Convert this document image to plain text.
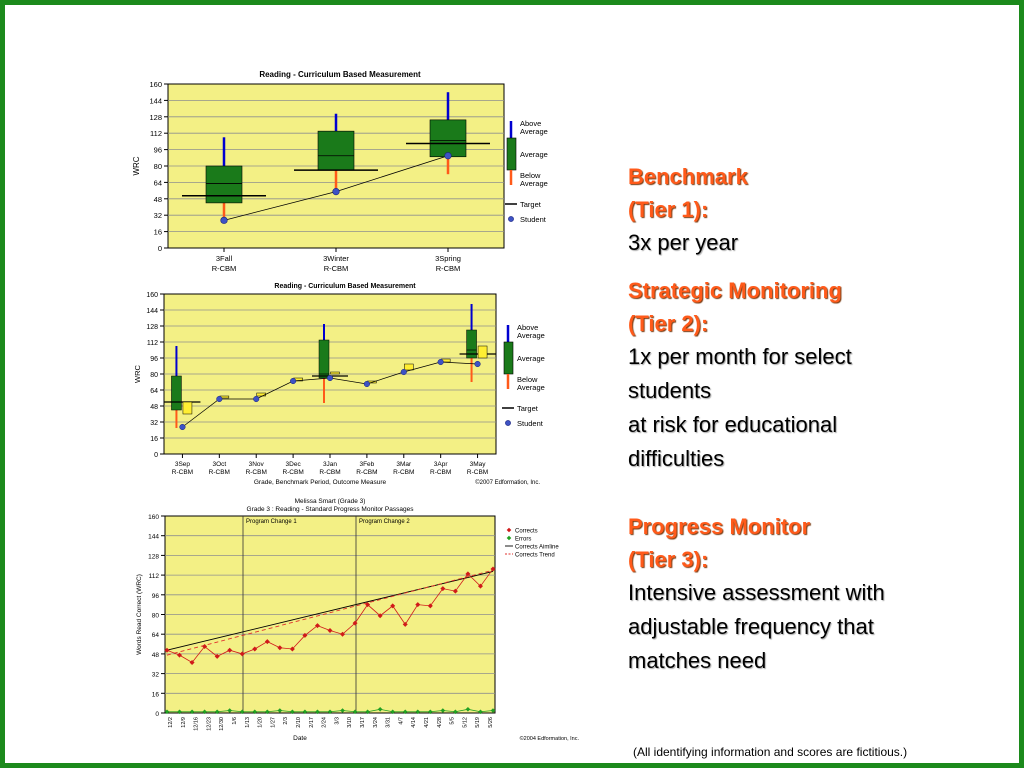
Reading - Curriculum Based Measurement
0
16
32
48
64
80
96
112
128
144
160
WRC
3Fall
R-CBM
3Winter
R-CBM
3Spring
R-CBM
Above
Average
Average
Below
Average
Target
Student
Reading - Curriculum Based Measurement
0
16
32
48
64
80
96
112
128
144
160
WRC
3Sep
R-CBM
3Oct
R-CBM
3Nov
R-CBM
3Dec
R-CBM
3Jan
R-CBM
3Feb
R-CBM
3Mar
R-CBM
3Apr
R-CBM
3May
R-CBM
Grade, Benchmark Period, Outcome Measure	©2007 Edformation, Inc.
Above
Average
Average
Below
Average
Target
Student
Melissa Smart (Grade 3)
Grade 3 : Reading - Standard Progress Monitor Passages
0
16
32
48
64
80
96
112
128
144
160
Words Read Correct (WRC)
12/2 12/9 12/16 12/23 12/30 1/6 1/13 1/20 1/27 2/3 2/10 2/17 2/24 3/3 3/10 3/17 3/24 3/31 4/7 4/14 4/21 4/28 5/5 5/12 5/19 5/26
Date	©2004 Edformation, Inc.
Program Change 1	Program Change 2
Corrects
Errors
Corrects Aimline
Corrects Trend
Benchmark
(Tier 1):
3x per year
Strategic Monitoring
(Tier 2):
1x per month for select
students
at risk for educational
difficulties
Progress Monitor
(Tier 3):
Intensive assessment with
adjustable frequency that
matches need
(All identifying information and scores are fictitious.)
